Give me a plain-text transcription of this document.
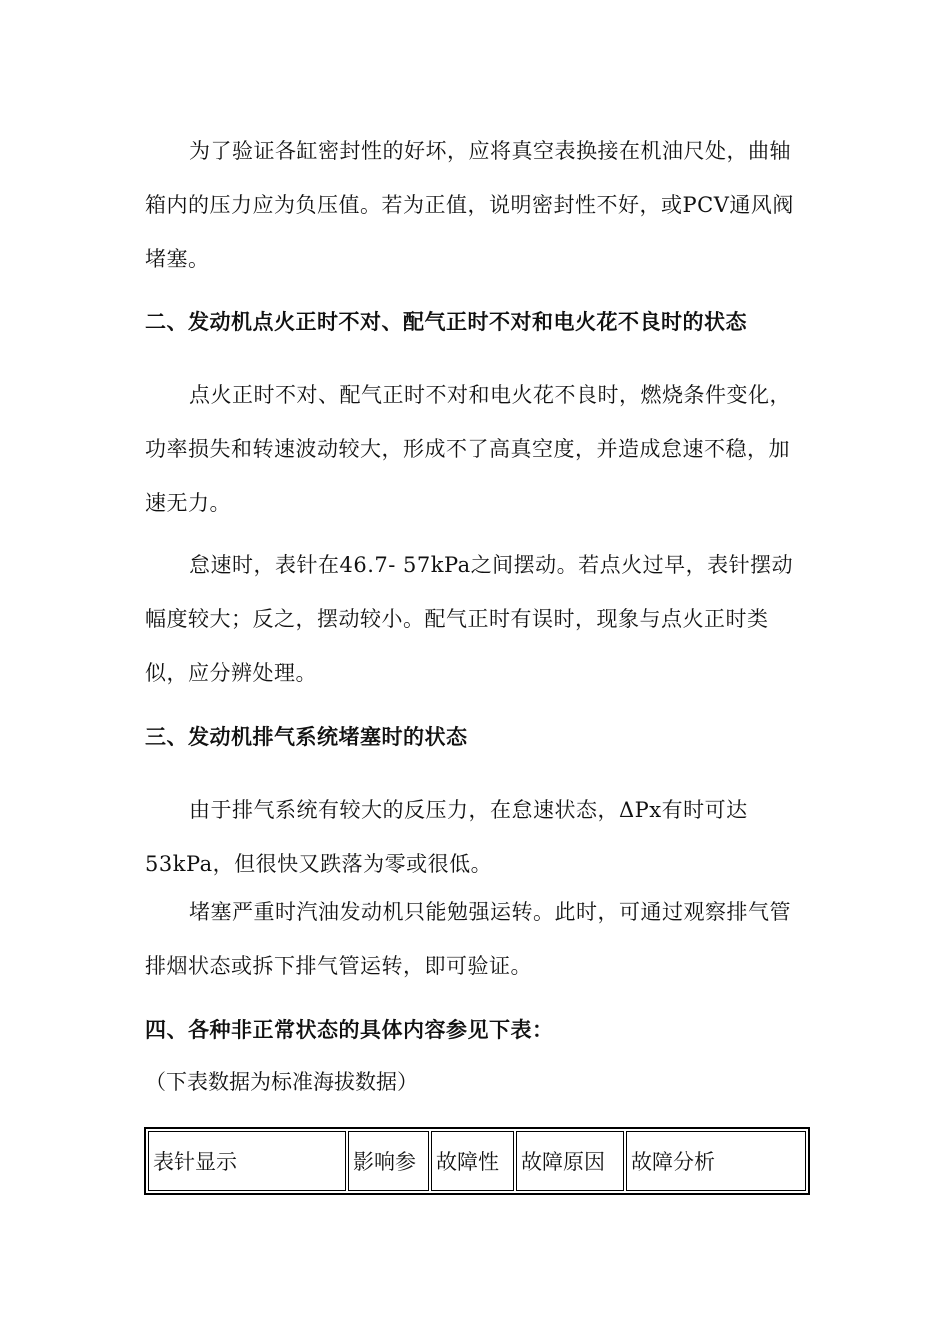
为了验证各缸密封性的好坏，应将真空表换接在机油尺处，曲轴箱内的压力应为负压值。若为正值，说明密封性不好，或PCV通风阀堵塞。

二、发动机点火正时不对、配气正时不对和电火花不良时的状态

点火正时不对、配气正时不对和电火花不良时，燃烧条件变化，功率损失和转速波动较大，形成不了高真空度，并造成怠速不稳，加速无力。

怠速时，表针在46.7- 57kPa之间摆动。若点火过早，表针摆动幅度较大；反之，摆动较小。配气正时有误时，现象与点火正时类似，应分辨处理。

三、发动机排气系统堵塞时的状态

由于排气系统有较大的反压力，在怠速状态，ΔPx有时可达53kPa，但很快又跌落为零或很低。

堵塞严重时汽油发动机只能勉强运转。此时，可通过观察排气管排烟状态或拆下排气管运转，即可验证。

四、各种非正常状态的具体内容参见下表：

（下表数据为标准海拔数据）

表针显示	影响参	故障性	故障原因	故障分析
